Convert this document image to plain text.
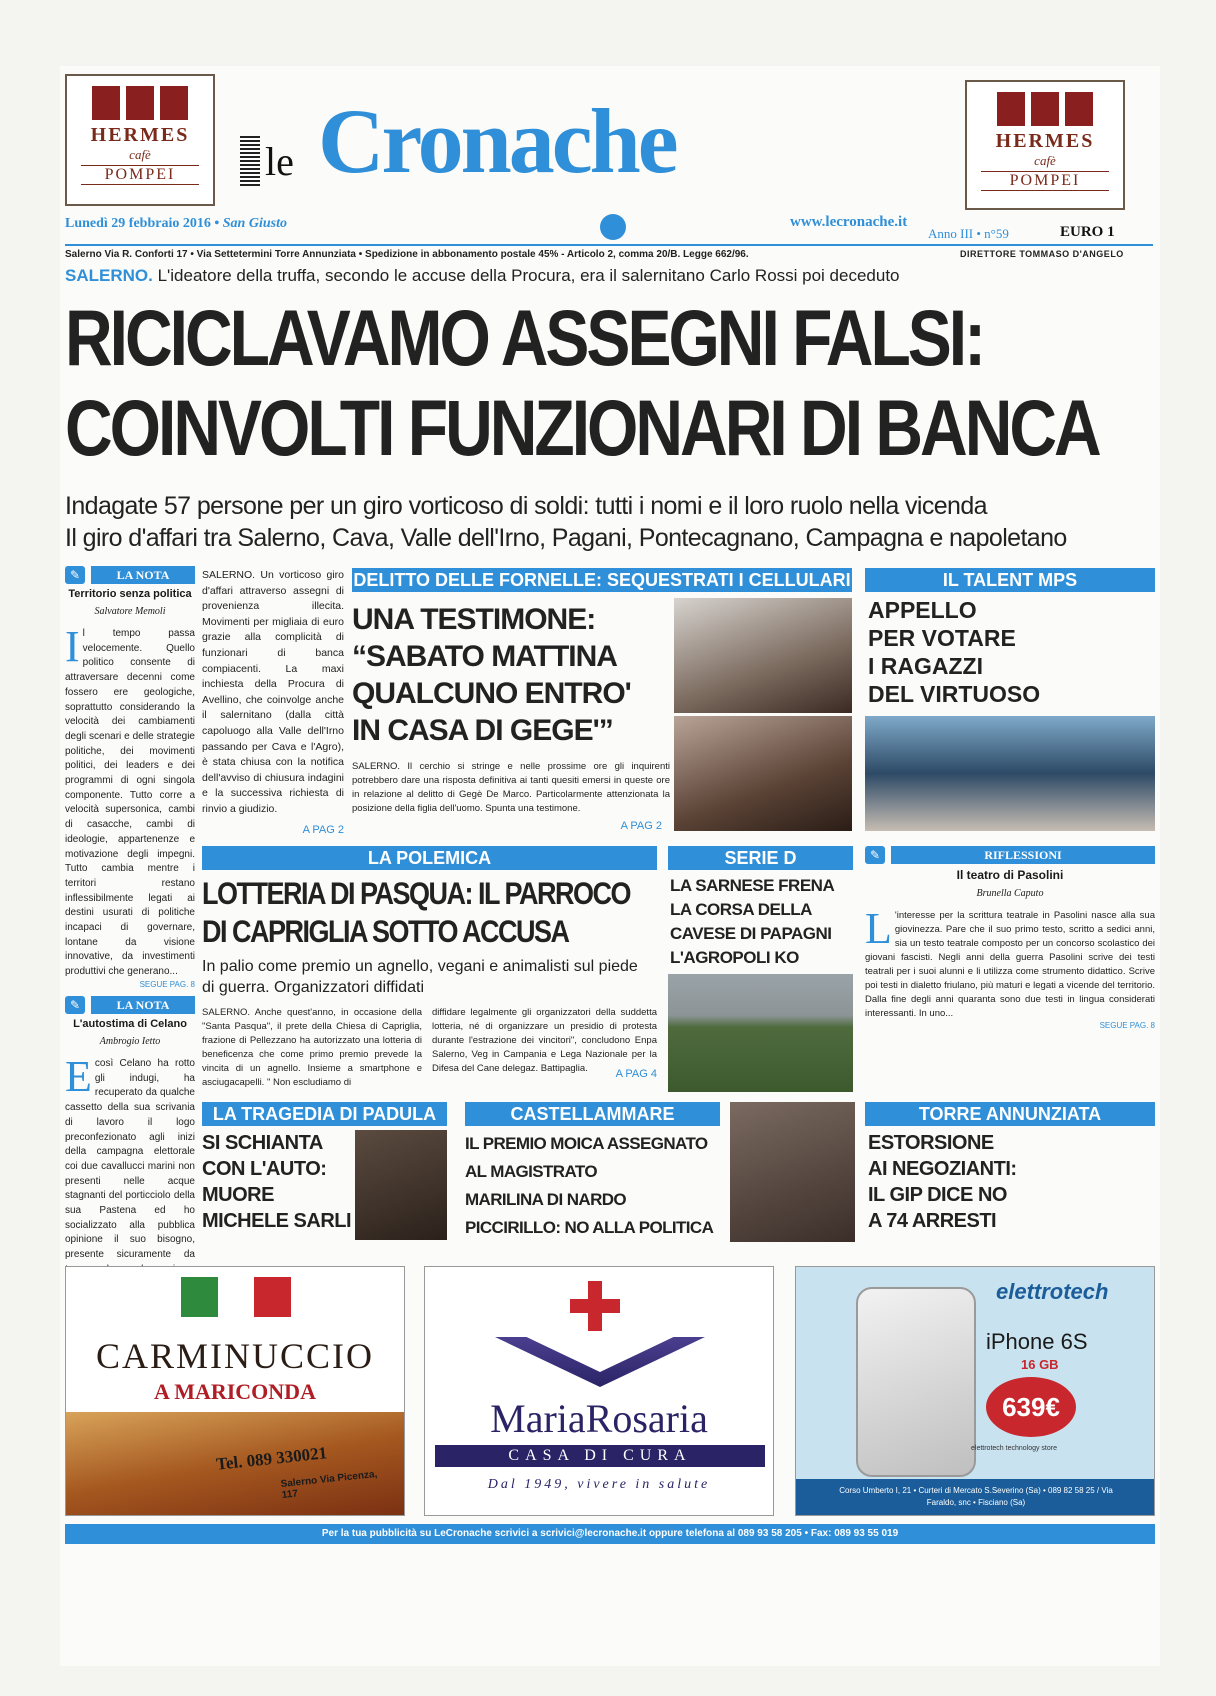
HERMES
cafè
POMPEI	le Cronache
www.lecronache.it
HERMES
cafè
POMPEI
Lunedì 29 febbraio 2016 • San Giusto
Anno III • n°59	EURO 1
Salerno Via R. Conforti 17 • Via Settetermini Torre Annunziata • Spedizione in abbonamento postale 45% - Articolo 2, comma 20/B. Legge 662/96.	DIRETTORE TOMMASO D'ANGELO
SALERNO. L'ideatore della truffa, secondo le accuse della Procura, era il salernitano Carlo Rossi poi deceduto
RICICLAVAMO ASSEGNI FALSI:
COINVOLTI FUNZIONARI DI BANCA
Indagate 57 persone per un giro vorticoso di soldi: tutti i nomi e il loro ruolo nella vicenda
Il giro d'affari tra Salerno, Cava, Valle dell'Irno, Pagani, Pontecagnano, Campagna e napoletano
✎	LA NOTA
Territorio senza politica
Salvatore Memoli
I l tempo passa velocemente. Quello politico consente di attraversare decenni come fossero ere geologiche, soprattutto considerando la velocità dei cambiamenti degli scenari e delle strategie politiche, dei movimenti politici, dei leaders e dei programmi di ogni singola componente. Tutto corre a velocità supersonica, cambi di casacche, cambi di ideologie, appartenenze e motivazione degli impegni. Tutto cambia mentre i territori restano inflessibilmente legati ai destini usurati di politiche incapaci di governare, lontane da visione innovative, da investimenti produttivi che generano...
SEGUE PAG. 8
SALERNO. Un vorticoso giro d'affari attraverso assegni di provenienza illecita. Movimenti per migliaia di euro grazie alla complicità di funzionari di banca compiacenti. La maxi inchiesta della Procura di Avellino, che coinvolge anche il salernitano (dalla città capoluogo alla Valle dell'Irno passando per Cava e l'Agro), è stata chiusa con la notifica dell'avviso di chiusura indagini e la successiva richiesta di rinvio a giudizio.
A PAG 2
DELITTO DELLE FORNELLE: SEQUESTRATI I CELLULARI
UNA TESTIMONE:
“SABATO MATTINA
QUALCUNO ENTRO'
IN CASA DI GEGE'”
SALERNO. Il cerchio si stringe e nelle prossime ore gli inquirenti potrebbero dare una risposta definitiva ai tanti quesiti emersi in queste ore in relazione al delitto di Gegè De Marco. Particolarmente attenzionata la posizione della figlia dell'uomo. Spunta una testimone.
A PAG 2
IL TALENT MPS
APPELLO
PER VOTARE
I RAGAZZI
DEL VIRTUOSO
✎	LA NOTA
L'autostima di Celano
Ambrogio Ietto
E così Celano ha rotto gli indugi, ha recuperato da qualche cassetto della sua scrivania di lavoro il logo preconfezionato agli inizi della campagna elettorale coi due cavallucci marini non presenti nelle acque stagnanti del porticciolo della sua Pastena ed ho socializzato alla pubblica opinione il suo bisogno, presente sicuramente da
LA POLEMICA
LOTTERIA DI PASQUA: IL PARROCO
DI CAPRIGLIA SOTTO ACCUSA
In palio come premio un agnello, vegani e animalisti sul piede di guerra. Organizzatori diffidati
SALERNO. Anche quest'anno, in occasione della "Santa Pasqua", il prete della Chiesa di Capriglia, frazione di Pellezzano ha autorizzato una lotteria di beneficenza che come primo premio prevede la vincita di un agnello. Insieme a smartphone e asciugacapelli. " Non escludiamo di
diffidare legalmente gli organizzatori della suddetta lotteria, né di organizzare un presidio di protesta durante l'estrazione dei vincitori", concludono Enpa Salerno, Veg in Campania e Lega Nazionale per la Difesa del Cane delegaz. Battipaglia.	A PAG 4
SERIE D
LA SARNESE FRENA
LA CORSA DELLA
CAVESE DI PAPAGNI
L'AGROPOLI KO
✎	RIFLESSIONI
Il teatro di Pasolini
Brunella Caputo
L 'interesse per la scrittura teatrale in Pasolini nasce alla sua giovinezza. Pare che il suo primo testo, scritto a sedici anni, sia un testo teatrale composto per un concorso scolastico dei giovani fascisti. Negli anni della guerra Pasolini scrive dei testi teatrali per i suoi alunni e li utilizza come strumento didattico. Scrive poi testi in dialetto friulano, più maturi e legati a vicende del territorio. Dalla fine degli anni quaranta sono due testi in lingua considerati interessanti. In uno...
SEGUE PAG. 8
LA TRAGEDIA DI PADULA
SI SCHIANTA
CON L'AUTO:
MUORE
MICHELE SARLI
CASTELLAMMARE
IL PREMIO MOICA ASSEGNATO
AL MAGISTRATO
MARILINA DI NARDO
PICCIRILLO: NO ALLA POLITICA
TORRE ANNUNZIATA
ESTORSIONE
AI NEGOZIANTI:
IL GIP DICE NO
A 74 ARRESTI
CARMINUCCIO
A MARICONDA
Tel. 089 330021
Salerno Via Picenza, 117
MariaRosaria
CASA DI CURA
Dal 1949, vivere in salute
elettrotech
iPhone 6S
16 GB
639€
elettrotech technology store
Corso Umberto I, 21 • Curteri di Mercato S.Severino (Sa) • 089 82 58 25 / Via Faraldo, snc • Fisciano (Sa)
Per la tua pubblicità su LeCronache scrivici a scrivici@lecronache.it oppure telefona al 089 93 58 205 • Fax: 089 93 55 019
